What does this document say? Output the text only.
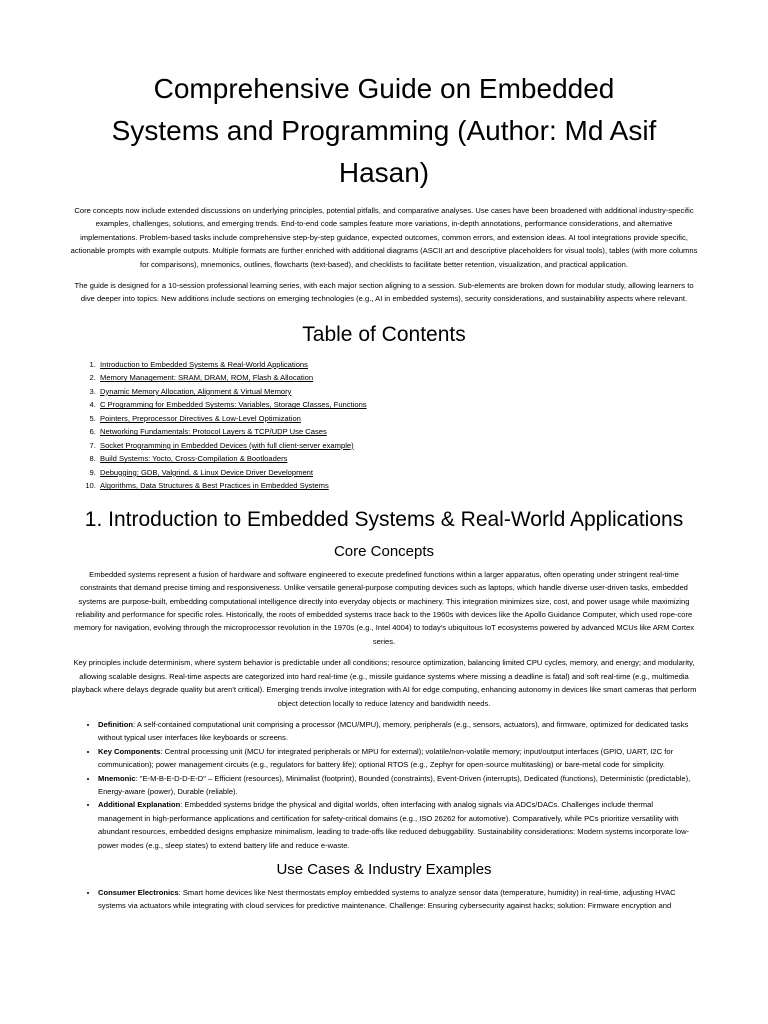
Comprehensive Guide on Embedded Systems and Programming (Author: Md Asif Hasan)

Core concepts now include extended discussions on underlying principles, potential pitfalls, and comparative analyses. Use cases have been broadened with additional industry-specific examples, challenges, solutions, and emerging trends. End-to-end code samples feature more variations, in-depth annotations, performance considerations, and alternative implementations. Problem-based tasks include comprehensive step-by-step guidance, expected outcomes, common errors, and extension ideas. AI tool integrations provide specific, actionable prompts with example outputs. Multiple formats are further enriched with additional diagrams (ASCII art and descriptive placeholders for visual tools), tables (with more columns for comparisons), mnemonics, outlines, flowcharts (text-based), and checklists to facilitate better retention, visualization, and practical application.

The guide is designed for a 10-session professional learning series, with each major section aligning to a session. Sub-elements are broken down for modular study, allowing learners to dive deeper into topics. New additions include sections on emerging technologies (e.g., AI in embedded systems), security considerations, and sustainability aspects where relevant.

Table of Contents
1. Introduction to Embedded Systems & Real-World Applications
2. Memory Management: SRAM, DRAM, ROM, Flash & Allocation
3. Dynamic Memory Allocation, Alignment & Virtual Memory
4. C Programming for Embedded Systems: Variables, Storage Classes, Functions
5. Pointers, Preprocessor Directives & Low-Level Optimization
6. Networking Fundamentals: Protocol Layers & TCP/UDP Use Cases
7. Socket Programming in Embedded Devices (with full client-server example)
8. Build Systems: Yocto, Cross-Compilation & Bootloaders
9. Debugging: GDB, Valgrind, & Linux Device Driver Development
10. Algorithms, Data Structures & Best Practices in Embedded Systems
1. Introduction to Embedded Systems & Real-World Applications
Core Concepts

Embedded systems represent a fusion of hardware and software engineered to execute predefined functions within a larger apparatus, often operating under stringent real-time constraints that demand precise timing and responsiveness. Unlike versatile general-purpose computing devices such as laptops, which handle diverse user-driven tasks, embedded systems are purpose-built, embedding computational intelligence directly into everyday objects or machinery. This integration minimizes size, cost, and power usage while maximizing reliability and performance for specific roles. Historically, the roots of embedded systems trace back to the 1960s with devices like the Apollo Guidance Computer, which used rope-core memory for navigation, evolving through the microprocessor revolution in the 1970s (e.g., Intel 4004) to today's ubiquitous IoT ecosystems powered by advanced MCUs like ARM Cortex series.

Key principles include determinism, where system behavior is predictable under all conditions; resource optimization, balancing limited CPU cycles, memory, and energy; and modularity, allowing scalable designs. Real-time aspects are categorized into hard real-time (e.g., missile guidance systems where missing a deadline is fatal) and soft real-time (e.g., multimedia playback where delays degrade quality but aren't critical). Emerging trends involve integration with AI for edge computing, enhancing autonomy in devices like smart cameras that perform object detection locally to reduce latency and bandwidth needs.

• Definition: A self-contained computational unit comprising a processor (MCU/MPU), memory, peripherals (e.g., sensors, actuators), and firmware, optimized for dedicated tasks without typical user interfaces like keyboards or screens.
• Key Components: Central processing unit (MCU for integrated peripherals or MPU for external); volatile/non-volatile memory; input/output interfaces (GPIO, UART, I2C for communication); power management circuits (e.g., regulators for battery life); optional RTOS (e.g., Zephyr for open-source multitasking) or bare-metal code for simplicity.
• Mnemonic: "E-M-B-E-D-D-E-D" – Efficient (resources), Minimalist (footprint), Bounded (constraints), Event-Driven (interrupts), Dedicated (functions), Deterministic (predictable), Energy-aware (power), Durable (reliable).
• Additional Explanation: Embedded systems bridge the physical and digital worlds, often interfacing with analog signals via ADCs/DACs. Challenges include thermal management in high-performance applications and certification for safety-critical domains (e.g., ISO 26262 for automotive). Comparatively, while PCs prioritize versatility with abundant resources, embedded designs emphasize minimalism, leading to trade-offs like reduced debuggability. Sustainability considerations: Modern systems incorporate low-power modes (e.g., sleep states) to extend battery life and reduce e-waste.
Use Cases & Industry Examples
• Consumer Electronics: Smart home devices like Nest thermostats employ embedded systems to analyze sensor data (temperature, humidity) in real-time, adjusting HVAC systems via actuators while integrating with cloud services for predictive maintenance. Challenge: Ensuring cybersecurity against hacks; solution: Firmware encryption and
